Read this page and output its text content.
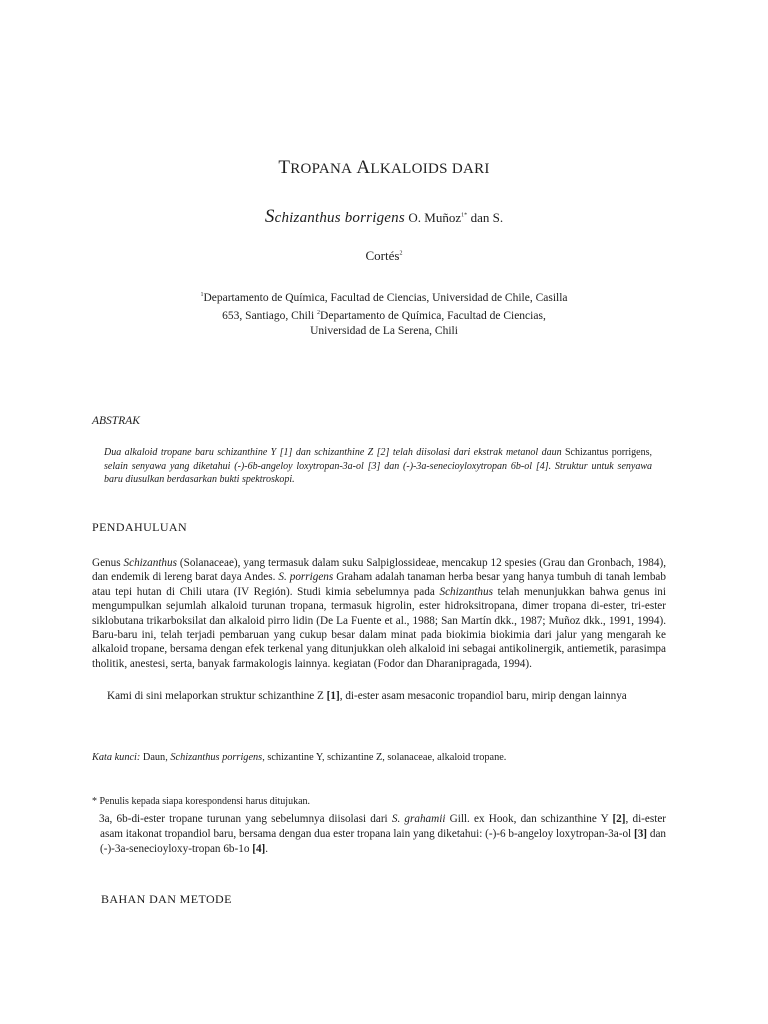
TROPANA ALKALOIDS DARI
Schizanthus borrigens O. Muñoz$^{1*}$ dan S.
Cortés$^2$
$^1$Departamento de Química, Facultad de Ciencias, Universidad de Chile, Casilla
653, Santiago, Chili $^2$Departamento de Química, Facultad de Ciencias,
Universidad de La Serena, Chili
ABSTRAK
Dua alkaloid tropane baru schizanthine Y [1] dan schizanthine Z [2] telah diisolasi dari ekstrak metanol daun Schizantus porrigens, selain senyawa yang diketahui (-)-6b-angeloy loxytropan-3a-ol [3] dan (-)-3a-senecioyloxytropan 6b-ol [4]. Struktur untuk senyawa baru diusulkan berdasarkan bukti spektroskopi.
PENDAHULUAN
Genus Schizanthus (Solanaceae), yang termasuk dalam suku Salpiglossideae, mencakup 12 spesies (Grau dan Gronbach, 1984), dan endemik di lereng barat daya Andes. S. porrigens Graham adalah tanaman herba besar yang hanya tumbuh di tanah lembab atau tepi hutan di Chili utara (IV Región). Studi kimia sebelumnya pada Schizanthus telah menunjukkan bahwa genus ini mengumpulkan sejumlah alkaloid turunan tropana, termasuk higrolin, ester hidroksitropana, dimer tropana di-ester, tri-ester siklobutana trikarboksilat dan alkaloid pirro lidin (De La Fuente et al., 1988; San Martín dkk., 1987; Muñoz dkk., 1991, 1994). Baru-baru ini, telah terjadi pembaruan yang cukup besar dalam minat pada biokimia biokimia dari jalur yang mengarah ke alkaloid tropane, bersama dengan efek terkenal yang ditunjukkan oleh alkaloid ini sebagai antikolinergik, antiemetik, parasimpa tholitik, anestesi, serta, banyak farmakologis lainnya. kegiatan (Fodor dan Dharanipragada, 1994).
Kami di sini melaporkan struktur schizanthine Z [1], di-ester asam mesaconic tropandiol baru, mirip dengan lainnya
Kata kunci: Daun, Schizanthus porrigens, schizantine Y, schizantine Z, solanaceae, alkaloid tropane.
* Penulis kepada siapa korespondensi harus ditujukan.
3a, 6b-di-ester tropane turunan yang sebelumnya diisolasi dari S. grahamii Gill. ex Hook, dan schizanthine Y [2], di-ester asam itakonat tropandiol baru, bersama dengan dua ester tropana lain yang diketahui: (-)-6 b-angeloy loxytropan-3a-ol [3] dan (-)-3a-senecioyloxy-tropan 6b-1o [4].
BAHAN DAN METODE
